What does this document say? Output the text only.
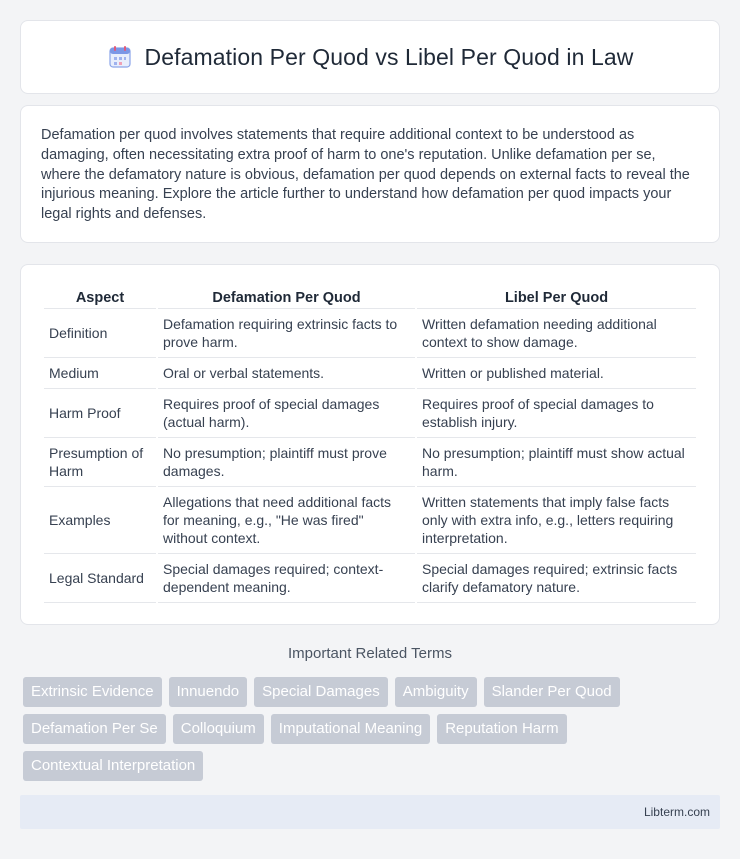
Defamation Per Quod vs Libel Per Quod in Law

Defamation per quod involves statements that require additional context to be understood as damaging, often necessitating extra proof of harm to one's reputation. Unlike defamation per se, where the defamatory nature is obvious, defamation per quod depends on external facts to reveal the injurious meaning. Explore the article further to understand how defamation per quod impacts your legal rights and defenses.

Aspect	Defamation Per Quod	Libel Per Quod
Definition	Defamation requiring extrinsic facts to prove harm.	Written defamation needing additional context to show damage.
Medium	Oral or verbal statements.	Written or published material.
Harm Proof	Requires proof of special damages (actual harm).	Requires proof of special damages to establish injury.
Presumption of Harm	No presumption; plaintiff must prove damages.	No presumption; plaintiff must show actual harm.
Examples	Allegations that need additional facts for meaning, e.g., "He was fired" without context.	Written statements that imply false facts only with extra info, e.g., letters requiring interpretation.
Legal Standard	Special damages required; context-dependent meaning.	Special damages required; extrinsic facts clarify defamatory nature.
Important Related Terms
Extrinsic Evidence	Innuendo	Special Damages	Ambiguity	Slander Per Quod
Defamation Per Se	Colloquium	Imputational Meaning	Reputation Harm
Contextual Interpretation
Libterm.com
